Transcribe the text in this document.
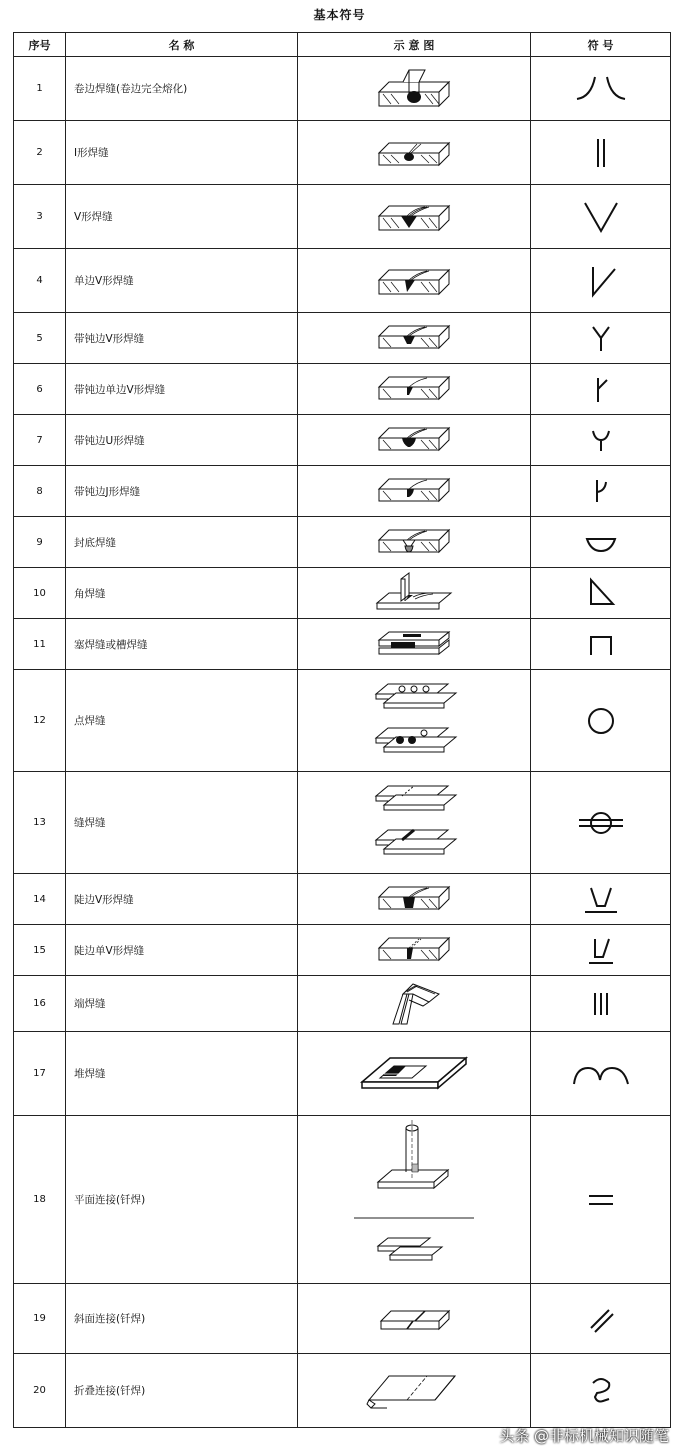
基本符号
序号	名 称	示 意 图	符 号
1	卷边焊缝(卷边完全熔化)	

2	I形焊缝	

3	V形焊缝	

4	单边V形焊缝	

5	带钝边V形焊缝	

6	带钝边单边V形焊缝	

7	带钝边U形焊缝	

8	带钝边J形焊缝	

9	封底焊缝	

10	角焊缝	

11	塞焊缝或槽焊缝	

12	点焊缝	

13	缝焊缝	

14	陡边V形焊缝	

15	陡边单V形焊缝	

16	端焊缝	

17	堆焊缝	

18	平面连接(钎焊)	

19	斜面连接(钎焊)	

20	折叠连接(钎焊)	

头条 @非标机械知识随笔
